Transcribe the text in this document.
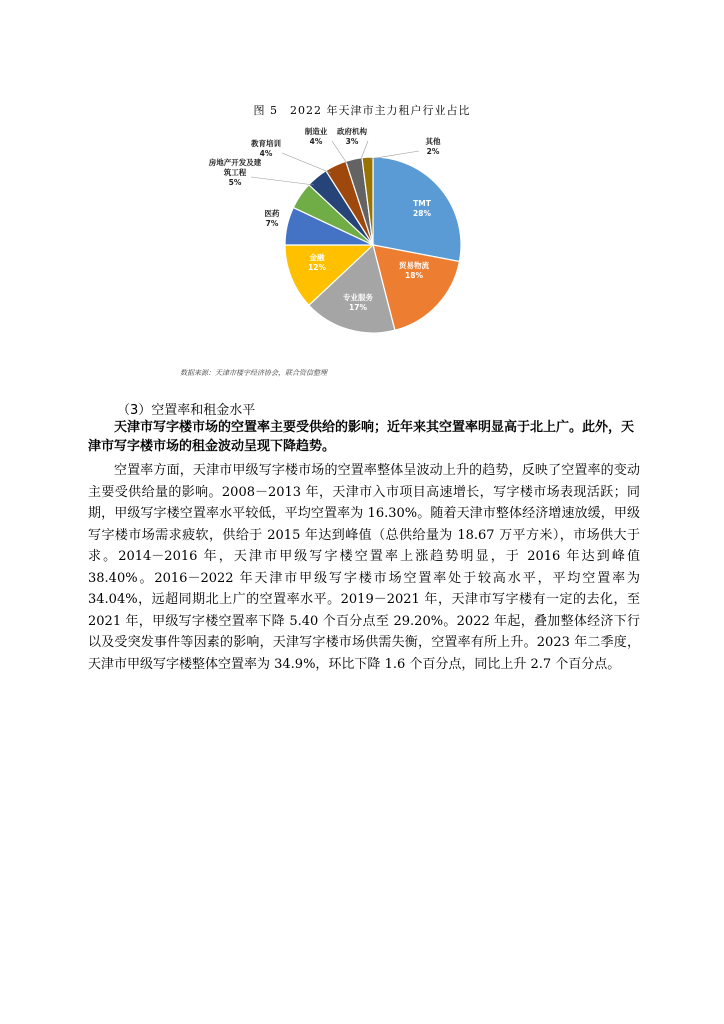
图 5　2022 年天津市主力租户行业占比
TMT 28%
贸易物流 18%
专业服务 17%
金融 12%
医药 7%
房地产开发及建筑工程 5%
教育培训 4%
制造业 4%
政府机构 3%	其他 2%
数据来源：天津市楼宇经济协会，联合资信整理
（3）空置率和租金水平
天津市写字楼市场的空置率主要受供给的影响；近年来其空置率明显高于北上广。此外，天津市写字楼市场的租金波动呈现下降趋势。
空置率方面，天津市甲级写字楼市场的空置率整体呈波动上升的趋势，反映了空置率的变动主要受供给量的影响。2008－2013 年，天津市入市项目高速增长，写字楼市场表现活跃；同期，甲级写字楼空置率水平较低，平均空置率为 16.30%。随着天津市整体经济增速放缓，甲级写字楼市场需求疲软，供给于 2015 年达到峰值（总供给量为 18.67 万平方米），市场供大于求。2014－2016 年，天津市甲级写字楼空置率上涨趋势明显，于 2016 年达到峰值 38.40%。2016－2022 年天津市甲级写字楼市场空置率处于较高水平，平均空置率为 34.04%，远超同期北上广的空置率水平。2019－2021 年，天津市写字楼有一定的去化，至 2021 年，甲级写字楼空置率下降 5.40 个百分点至 29.20%。2022 年起，叠加整体经济下行以及受突发事件等因素的影响，天津写字楼市场供需失衡，空置率有所上升。2023 年二季度，天津市甲级写字楼整体空置率为 34.9%，环比下降 1.6 个百分点，同比上升 2.7 个百分点。
